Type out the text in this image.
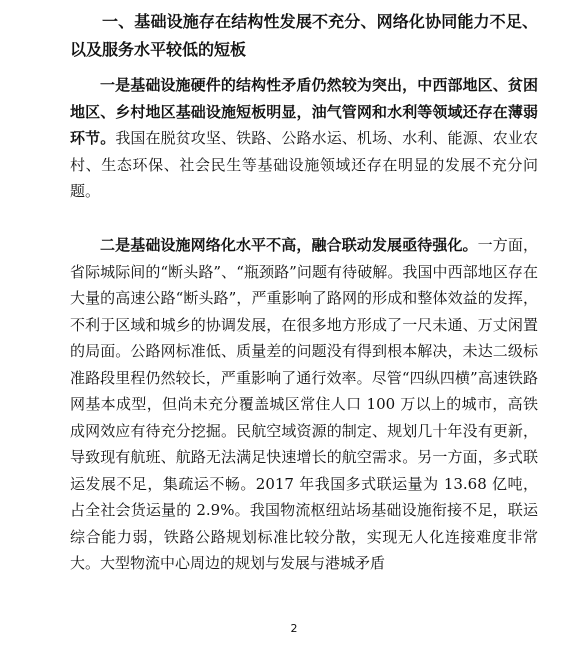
一、基础设施存在结构性发展不充分、网络化协同能力不足、以及服务水平较低的短板
一是基础设施硬件的结构性矛盾仍然较为突出，中西部地区、贫困地区、乡村地区基础设施短板明显，油气管网和水利等领域还存在薄弱环节。我国在脱贫攻坚、铁路、公路水运、机场、水利、能源、农业农村、生态环保、社会民生等基础设施领域还存在明显的发展不充分问题。
二是基础设施网络化水平不高，融合联动发展亟待强化。一方面，省际城际间的“断头路”、“瓶颈路”问题有待破解。我国中西部地区存在大量的高速公路“断头路”，严重影响了路网的形成和整体效益的发挥，不利于区域和城乡的协调发展，在很多地方形成了一尺未通、万丈闲置的局面。公路网标准低、质量差的问题没有得到根本解决，未达二级标准路段里程仍然较长，严重影响了通行效率。尽管“四纵四横”高速铁路网基本成型，但尚未充分覆盖城区常住人口 100 万以上的城市，高铁成网效应有待充分挖掘。民航空域资源的制定、规划几十年没有更新，导致现有航班、航路无法满足快速增长的航空需求。另一方面，多式联运发展不足，集疏运不畅。2017 年我国多式联运量为 13.68 亿吨，占全社会货运量的 2.9%。我国物流枢纽站场基础设施衔接不足，联运综合能力弱，铁路公路规划标准比较分散，实现无人化连接难度非常大。大型物流中心周边的规划与发展与港城矛盾
2
